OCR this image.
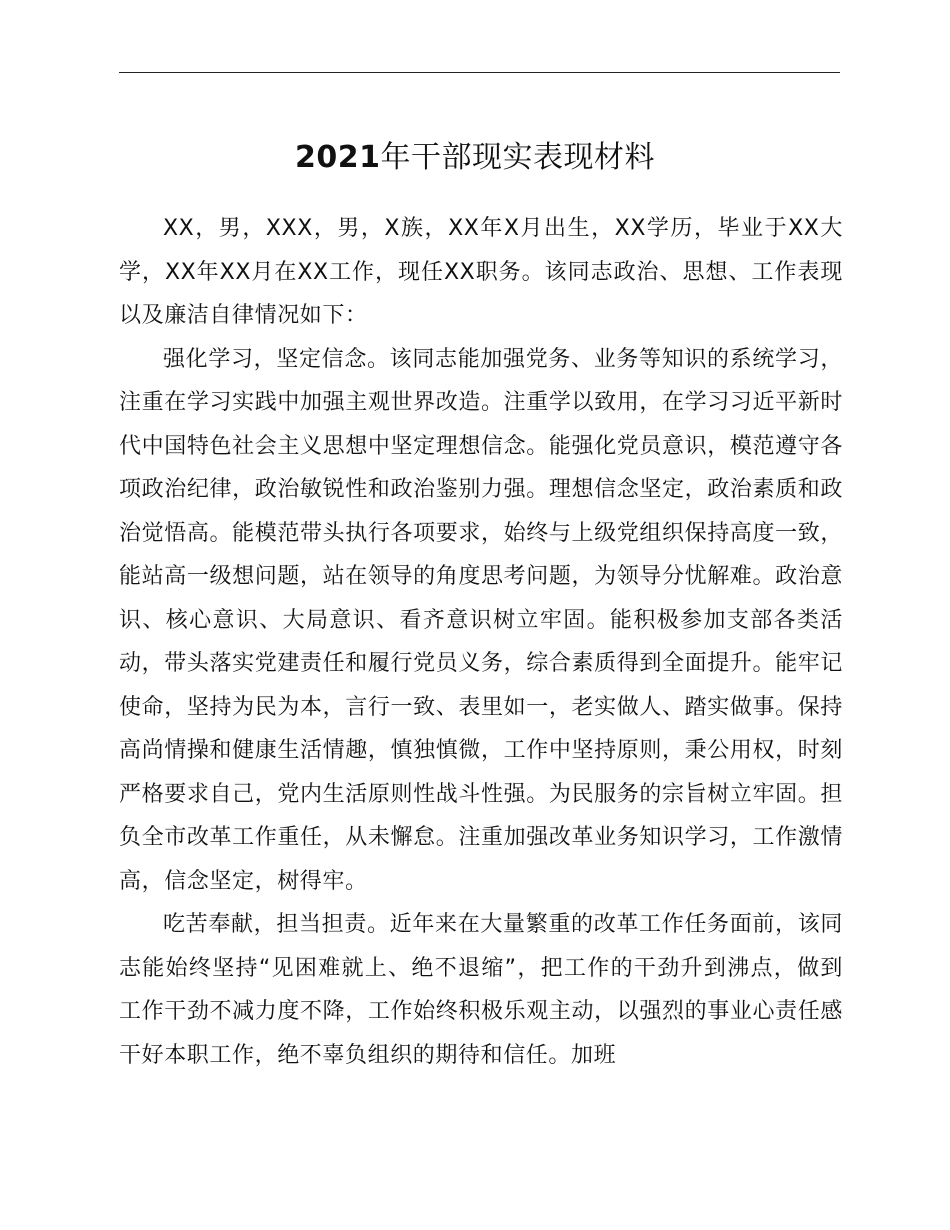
2021年干部现实表现材料

XX，男，XXX，男，X族，XX年X月出生，XX学历，毕业于XX大学，XX年XX月在XX工作，现任XX职务。该同志政治、思想、工作表现以及廉洁自律情况如下：

强化学习，坚定信念。该同志能加强党务、业务等知识的系统学习，注重在学习实践中加强主观世界改造。注重学以致用，在学习习近平新时代中国特色社会主义思想中坚定理想信念。能强化党员意识，模范遵守各项政治纪律，政治敏锐性和政治鉴别力强。理想信念坚定，政治素质和政治觉悟高。能模范带头执行各项要求，始终与上级党组织保持高度一致，能站高一级想问题，站在领导的角度思考问题，为领导分忧解难。政治意识、核心意识、大局意识、看齐意识树立牢固。能积极参加支部各类活动，带头落实党建责任和履行党员义务，综合素质得到全面提升。能牢记使命，坚持为民为本，言行一致、表里如一，老实做人、踏实做事。保持高尚情操和健康生活情趣，慎独慎微，工作中坚持原则，秉公用权，时刻严格要求自己，党内生活原则性战斗性强。为民服务的宗旨树立牢固。担负全市改革工作重任，从未懈怠。注重加强改革业务知识学习，工作激情高，信念坚定，树得牢。

吃苦奉献，担当担责。近年来在大量繁重的改革工作任务面前，该同志能始终坚持“见困难就上、绝不退缩”，把工作的干劲升到沸点，做到工作干劲不减力度不降，工作始终积极乐观主动，以强烈的事业心责任感干好本职工作，绝不辜负组织的期待和信任。加班
